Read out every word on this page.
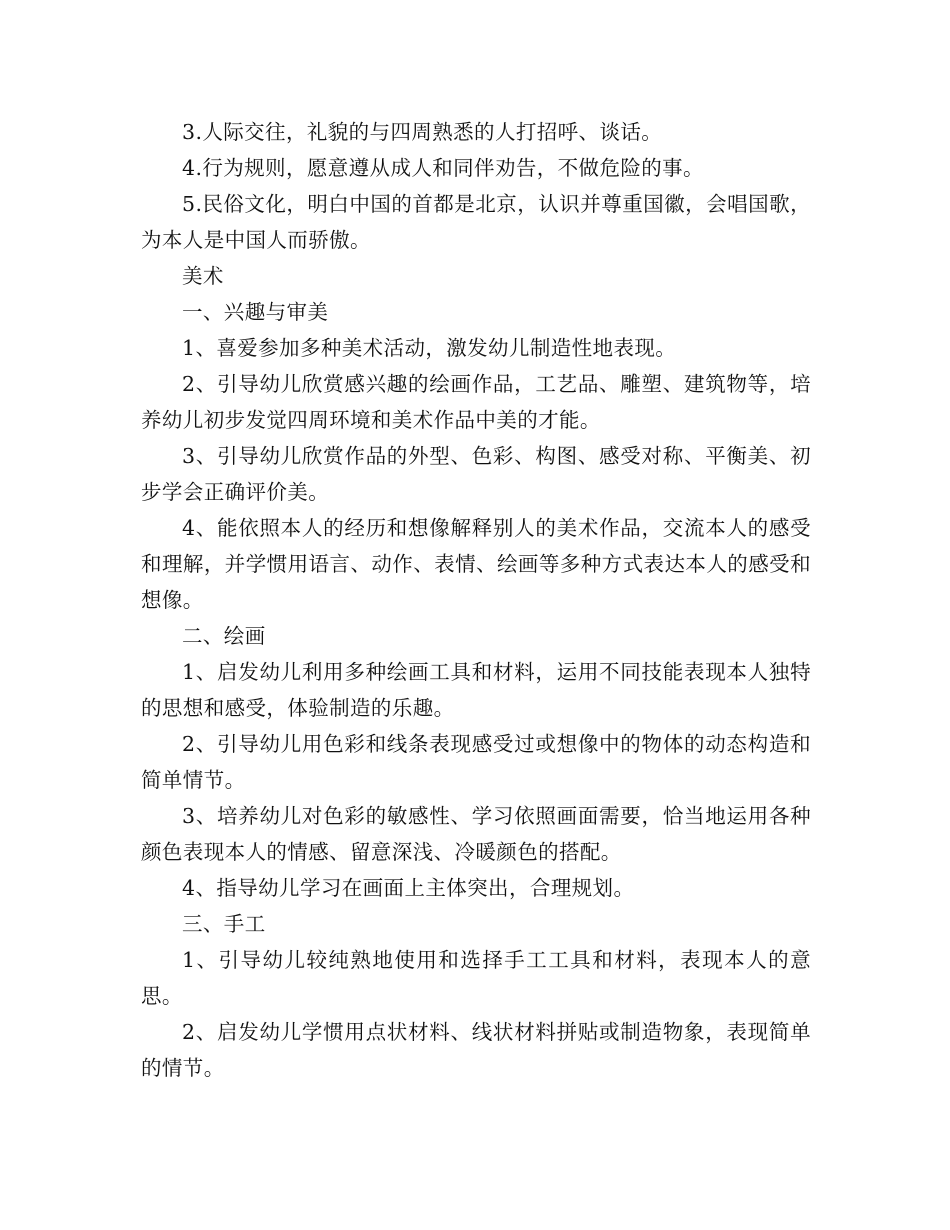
3.人际交往，礼貌的与四周熟悉的人打招呼、谈话。

4.行为规则，愿意遵从成人和同伴劝告，不做危险的事。

5.民俗文化，明白中国的首都是北京，认识并尊重国徽，会唱国歌，为本人是中国人而骄傲。

美术

一、兴趣与审美

1、喜爱参加多种美术活动，激发幼儿制造性地表现。

2、引导幼儿欣赏感兴趣的绘画作品，工艺品、雕塑、建筑物等，培养幼儿初步发觉四周环境和美术作品中美的才能。

3、引导幼儿欣赏作品的外型、色彩、构图、感受对称、平衡美、初步学会正确评价美。

4、能依照本人的经历和想像解释别人的美术作品，交流本人的感受和理解，并学惯用语言、动作、表情、绘画等多种方式表达本人的感受和想像。

二、绘画

1、启发幼儿利用多种绘画工具和材料，运用不同技能表现本人独特的思想和感受，体验制造的乐趣。

2、引导幼儿用色彩和线条表现感受过或想像中的物体的动态构造和简单情节。

3、培养幼儿对色彩的敏感性、学习依照画面需要，恰当地运用各种颜色表现本人的情感、留意深浅、冷暖颜色的搭配。

4、指导幼儿学习在画面上主体突出，合理规划。

三、手工

1、引导幼儿较纯熟地使用和选择手工工具和材料，表现本人的意思。

2、启发幼儿学惯用点状材料、线状材料拼贴或制造物象，表现简单的情节。
